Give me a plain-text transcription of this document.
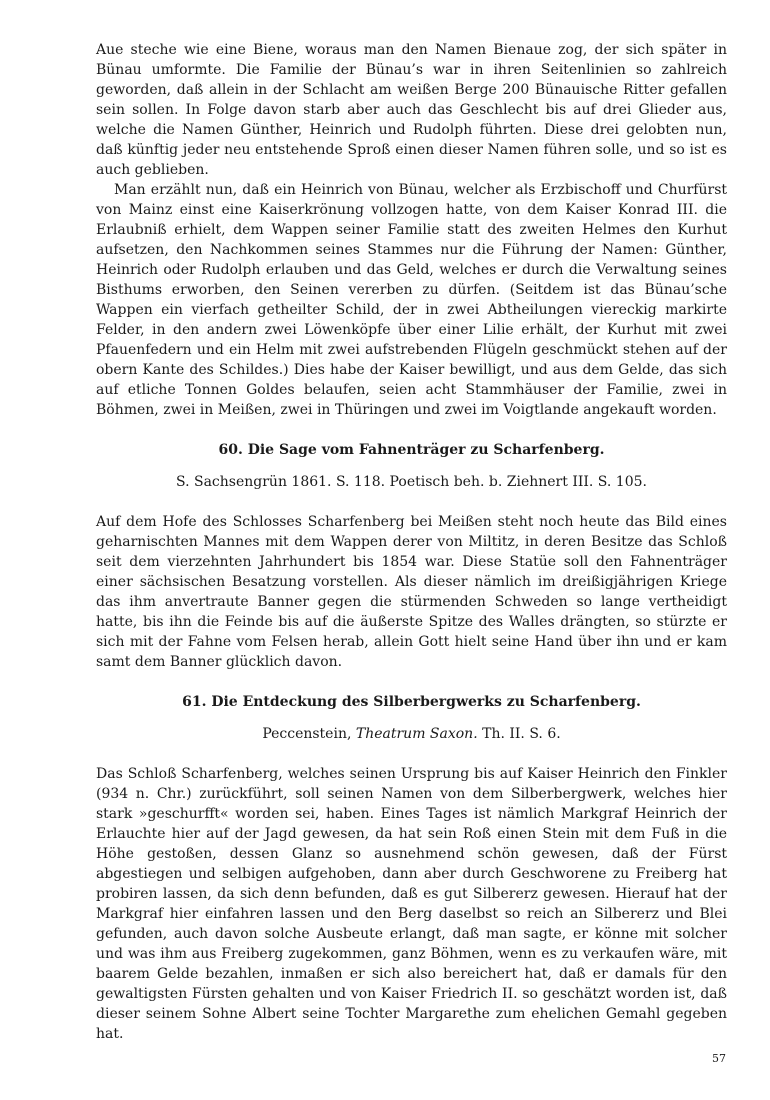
Aue steche wie eine Biene, woraus man den Namen Bienaue zog, der sich später in Bünau umformte. Die Familie der Bünau’s war in ihren Seitenlinien so zahlreich geworden, daß allein in der Schlacht am weißen Berge 200 Bünauische Ritter gefallen sein sollen. In Folge davon starb aber auch das Geschlecht bis auf drei Glieder aus, welche die Namen Günther, Heinrich und Rudolph führten. Diese drei gelobten nun, daß künftig jeder neu entstehende Sproß einen dieser Namen führen solle, und so ist es auch geblieben.

Man erzählt nun, daß ein Heinrich von Bünau, welcher als Erzbischoff und Churfürst von Mainz einst eine Kaiserkrönung vollzogen hatte, von dem Kaiser Konrad III. die Erlaubniß erhielt, dem Wappen seiner Familie statt des zweiten Helmes den Kurhut aufsetzen, den Nachkommen seines Stammes nur die Führung der Namen: Günther, Heinrich oder Rudolph erlauben und das Geld, welches er durch die Verwaltung seines Bisthums erworben, den Seinen vererben zu dürfen. (Seitdem ist das Bünau’sche Wappen ein vierfach getheilter Schild, der in zwei Abtheilungen viereckig markirte Felder, in den andern zwei Löwenköpfe über einer Lilie erhält, der Kurhut mit zwei Pfauenfedern und ein Helm mit zwei aufstrebenden Flügeln geschmückt stehen auf der obern Kante des Schildes.) Dies habe der Kaiser bewilligt, und aus dem Gelde, das sich auf etliche Tonnen Goldes belaufen, seien acht Stammhäuser der Familie, zwei in Böhmen, zwei in Meißen, zwei in Thüringen und zwei im Voigtlande angekauft worden.

60. Die Sage vom Fahnenträger zu Scharfenberg.

S. Sachsengrün 1861. S. 118. Poetisch beh. b. Ziehnert III. S. 105.

Auf dem Hofe des Schlosses Scharfenberg bei Meißen steht noch heute das Bild eines geharnischten Mannes mit dem Wappen derer von Miltitz, in deren Besitze das Schloß seit dem vierzehnten Jahrhundert bis 1854 war. Diese Statüe soll den Fahnenträger einer sächsischen Besatzung vorstellen. Als dieser nämlich im dreißigjährigen Kriege das ihm anvertraute Banner gegen die stürmenden Schweden so lange vertheidigt hatte, bis ihn die Feinde bis auf die äußerste Spitze des Walles drängten, so stürzte er sich mit der Fahne vom Felsen herab, allein Gott hielt seine Hand über ihn und er kam samt dem Banner glücklich davon.

61. Die Entdeckung des Silberbergwerks zu Scharfenberg.

Peccenstein, Theatrum Saxon. Th. II. S. 6.

Das Schloß Scharfenberg, welches seinen Ursprung bis auf Kaiser Heinrich den Finkler (934 n. Chr.) zurückführt, soll seinen Namen von dem Silberbergwerk, welches hier stark »geschurfft« worden sei, haben. Eines Tages ist nämlich Markgraf Heinrich der Erlauchte hier auf der Jagd gewesen, da hat sein Roß einen Stein mit dem Fuß in die Höhe gestoßen, dessen Glanz so ausnehmend schön gewesen, daß der Fürst abgestiegen und selbigen aufgehoben, dann aber durch Geschworene zu Freiberg hat probiren lassen, da sich denn befunden, daß es gut Silbererz gewesen. Hierauf hat der Markgraf hier einfahren lassen und den Berg daselbst so reich an Silbererz und Blei gefunden, auch davon solche Ausbeute erlangt, daß man sagte, er könne mit solcher und was ihm aus Freiberg zugekommen, ganz Böhmen, wenn es zu verkaufen wäre, mit baarem Gelde bezahlen, inmaßen er sich also bereichert hat, daß er damals für den gewaltigsten Fürsten gehalten und von Kaiser Friedrich II. so geschätzt worden ist, daß dieser seinem Sohne Albert seine Tochter Margarethe zum ehelichen Gemahl gegeben hat.

57
